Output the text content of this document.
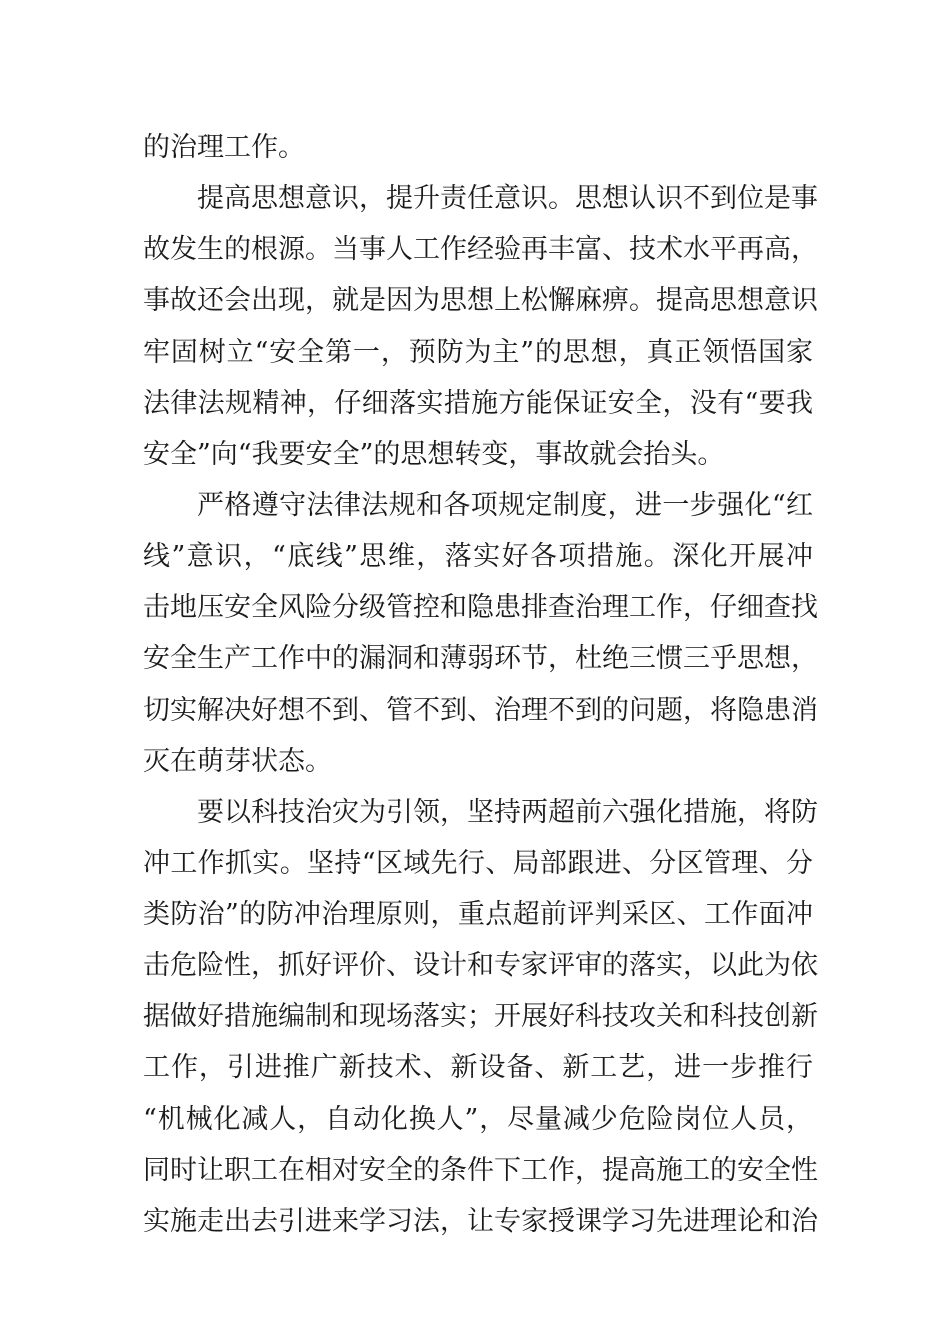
的治理工作。
提高思想意识，提升责任意识。思想认识不到位是事
故发生的根源。当事人工作经验再丰富、技术水平再高，
事故还会出现，就是因为思想上松懈麻痹。提高思想意识
牢固树立“安全第一，预防为主”的思想，真正领悟国家
法律法规精神，仔细落实措施方能保证安全，没有“要我
安全”向“我要安全”的思想转变，事故就会抬头。
严格遵守法律法规和各项规定制度，进一步强化“红
线”意识，“底线”思维，落实好各项措施。深化开展冲
击地压安全风险分级管控和隐患排查治理工作，仔细查找
安全生产工作中的漏洞和薄弱环节，杜绝三惯三乎思想，
切实解决好想不到、管不到、治理不到的问题，将隐患消
灭在萌芽状态。
要以科技治灾为引领，坚持两超前六强化措施，将防
冲工作抓实。坚持“区域先行、局部跟进、分区管理、分
类防治”的防冲治理原则，重点超前评判采区、工作面冲
击危险性，抓好评价、设计和专家评审的落实，以此为依
据做好措施编制和现场落实；开展好科技攻关和科技创新
工作，引进推广新技术、新设备、新工艺，进一步推行
“机械化减人，自动化换人”，尽量减少危险岗位人员，
同时让职工在相对安全的条件下工作，提高施工的安全性
实施走出去引进来学习法，让专家授课学习先进理论和治
